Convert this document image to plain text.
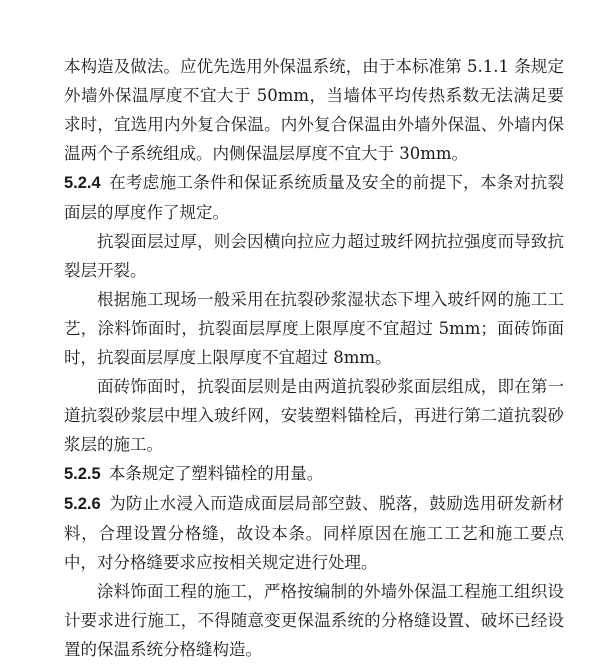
本构造及做法。应优先选用外保温系统，由于本标准第 5.1.1 条规定外墙外保温厚度不宜大于 50mm，当墙体平均传热系数无法满足要求时，宜选用内外复合保温。内外复合保温由外墙外保温、外墙内保温两个子系统组成。内侧保温层厚度不宜大于 30mm。

5.2.4 在考虑施工条件和保证系统质量及安全的前提下，本条对抗裂面层的厚度作了规定。

抗裂面层过厚，则会因横向拉应力超过玻纤网抗拉强度而导致抗裂层开裂。

根据施工现场一般采用在抗裂砂浆湿状态下埋入玻纤网的施工工艺，涂料饰面时，抗裂面层厚度上限厚度不宜超过 5mm；面砖饰面时，抗裂面层厚度上限厚度不宜超过 8mm。

面砖饰面时，抗裂面层则是由两道抗裂砂浆面层组成，即在第一道抗裂砂浆层中埋入玻纤网，安装塑料锚栓后，再进行第二道抗裂砂浆层的施工。

5.2.5 本条规定了塑料锚栓的用量。

5.2.6 为防止水浸入而造成面层局部空鼓、脱落，鼓励选用研发新材料，合理设置分格缝，故设本条。同样原因在施工工艺和施工要点中，对分格缝要求应按相关规定进行处理。

涂料饰面工程的施工，严格按编制的外墙外保温工程施工组织设计要求进行施工，不得随意变更保温系统的分格缝设置、破坏已经设置的保温系统分格缝构造。
